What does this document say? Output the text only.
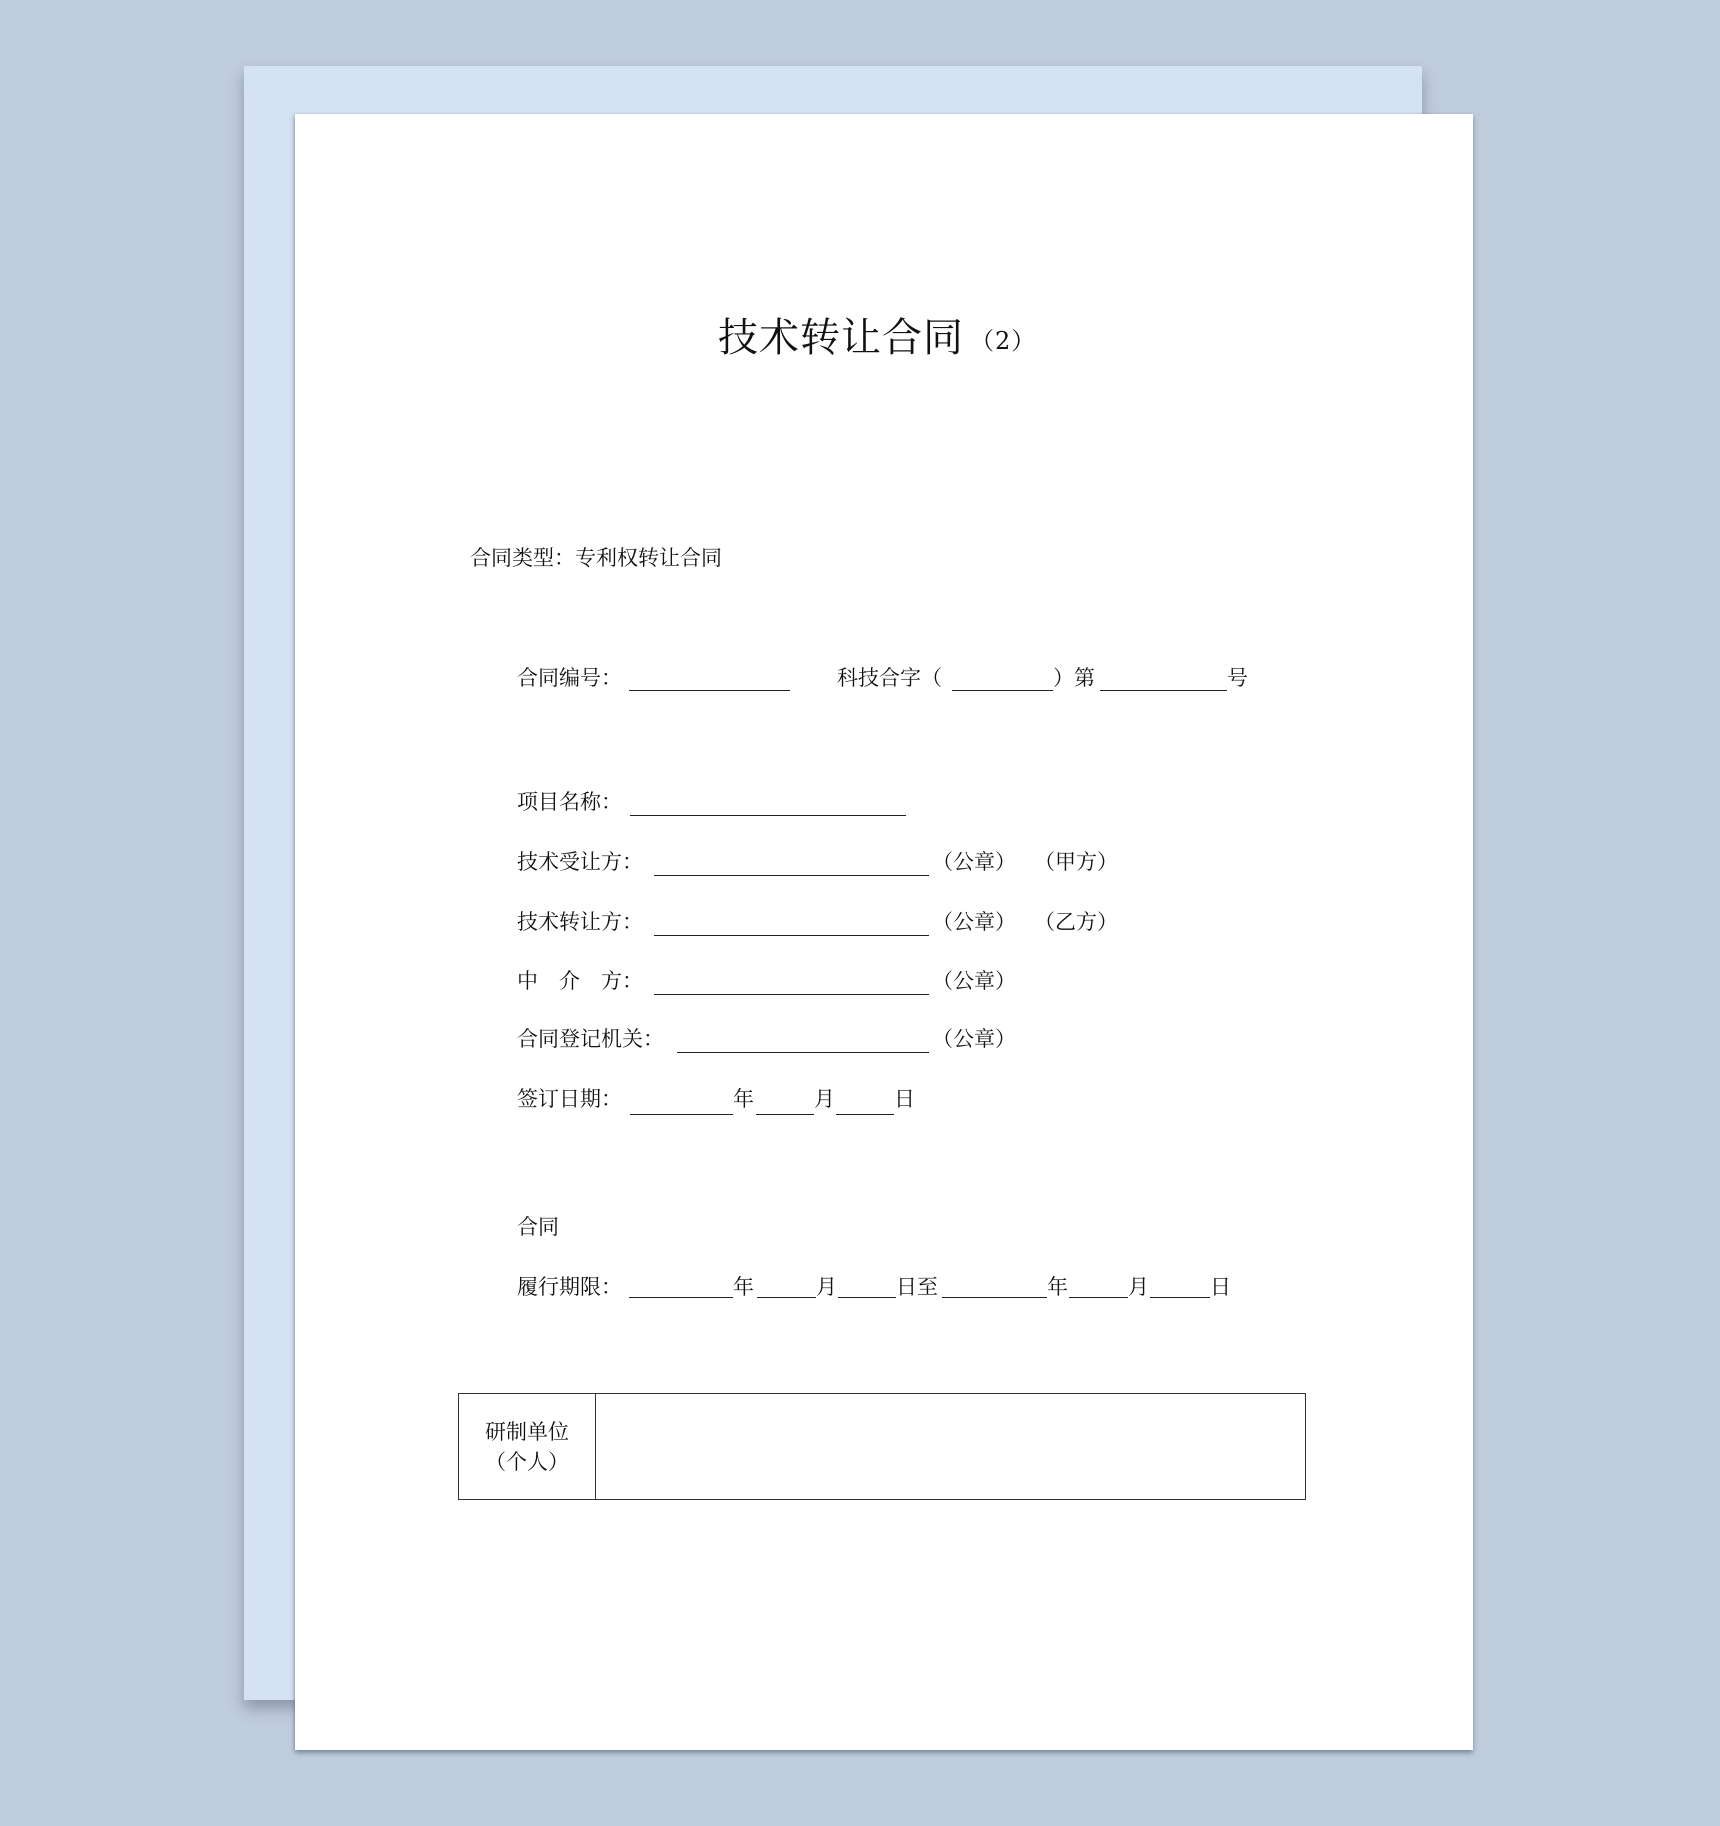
技术转让合同 （2）
合同类型：专利权转让合同
合同编号：	科技合字（	）第	号
项目名称：
技术受让方：	（公章） （甲方）
技术转让方：	（公章） （乙方）
中　介　方：	（公章）
合同登记机关：	（公章）
签订日期：	年	月	日
合同
履行期限：	年	月	日至	年	月	日
研制单位
（个人）
